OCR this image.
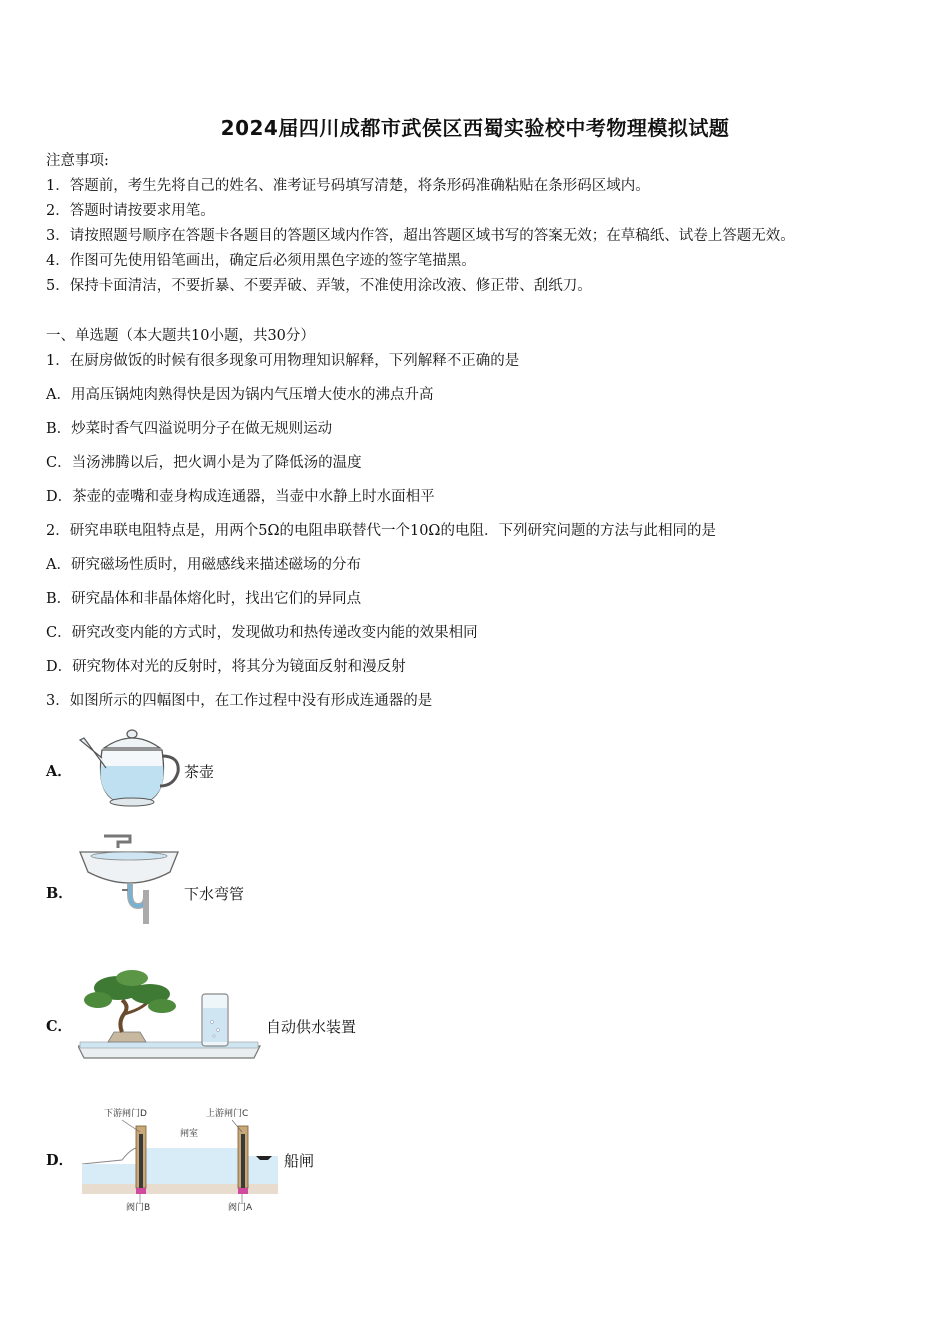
2024届四川成都市武侯区西蜀实验校中考物理模拟试题
注意事项:
1．答题前，考生先将自己的姓名、准考证号码填写清楚，将条形码准确粘贴在条形码区域内。
2．答题时请按要求用笔。
3．请按照题号顺序在答题卡各题目的答题区域内作答，超出答题区域书写的答案无效；在草稿纸、试卷上答题无效。
4．作图可先使用铅笔画出，确定后必须用黑色字迹的签字笔描黑。
5．保持卡面清洁，不要折暴、不要弄破、弄皱，不准使用涂改液、修正带、刮纸刀。
一、单选题（本大题共10小题，共30分）
1．在厨房做饭的时候有很多现象可用物理知识解释，下列解释不正确的是
A．用高压锅炖肉熟得快是因为锅内气压增大使水的沸点升高
B．炒菜时香气四溢说明分子在做无规则运动
C．当汤沸腾以后，把火调小是为了降低汤的温度
D．茶壶的壶嘴和壶身构成连通器，当壶中水静上时水面相平
2．研究串联电阻特点是，用两个5Ω的电阻串联替代一个10Ω的电阻．下列研究问题的方法与此相同的是
A．研究磁场性质时，用磁感线来描述磁场的分布
B．研究晶体和非晶体熔化时，找出它们的异同点
C．研究改变内能的方式时，发现做功和热传递改变内能的效果相同
D．研究物体对光的反射时，将其分为镜面反射和漫反射
3．如图所示的四幅图中，在工作过程中没有形成连通器的是
A．	茶壶
B．	下水弯管
C．	自动供水装置
D．
下游闸门D	上游闸门C
闸室
阀门B	阀门A
船闸
